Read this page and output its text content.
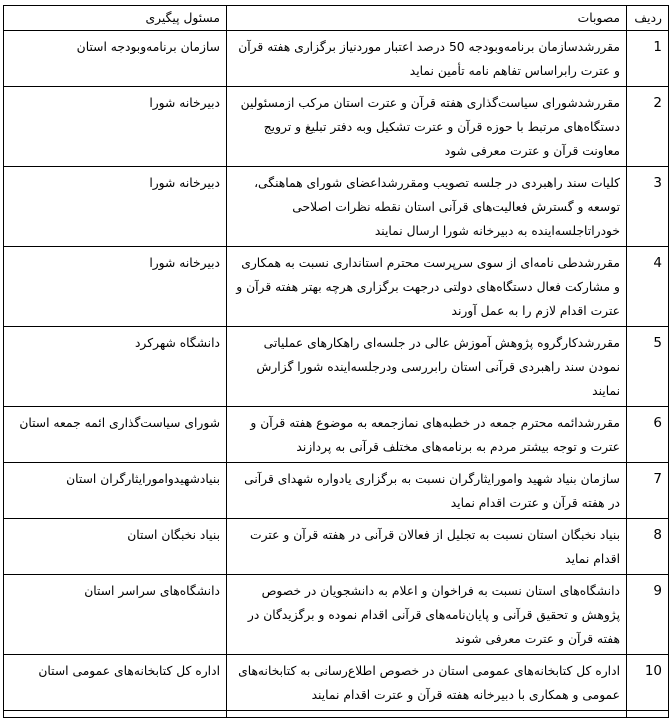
ردیف	مصوبات	مسئول پیگیری
1	مقررشدسازمان برنامه‌وبودجه 50 درصد اعتبار موردنیاز برگزاری هفته قرآن و عترت رابراساس تفاهم نامه تأمین نماید	سازمان برنامه‌وبودجه استان
2	مقررشدشورای سیاست‌گذاری هفته قرآن و عترت استان مرکب ازمسئولین دستگاه‌های مرتبط با حوزه قرآن و عترت تشکیل وبه دفتر تبلیغ و ترویج معاونت قرآن و عترت معرفی شود	دبیرخانه شورا
3	کلیات سند راهبردی در جلسه تصویب ومقررشداعضای شورای هماهنگی، توسعه و گسترش فعالیت‌های قرآنی استان نقطه نظرات اصلاحی خودراتاجلسه‌اینده به دبیرخانه شورا ارسال نمایند	دبیرخانه شورا
4	مقررشدطی نامه‌ای از سوی سرپرست محترم استانداری نسبت به همکاری و مشارکت فعال دستگاه‌های دولتی درجهت برگزاری هرچه بهتر هفته قرآن و عترت اقدام لازم را به عمل آورند	دبیرخانه شورا
5	مقررشدکارگروه پژوهش آموزش عالی در جلسه‌ای راهکارهای عملیاتی نمودن سند راهبردی قرآنی استان رابررسی ودرجلسه‌اینده شورا گزارش نمایند	دانشگاه شهرکرد
6	مقررشدائمه محترم جمعه در خطبه‌های نمازجمعه به موضوع هفته قرآن و عترت و توجه بیشتر مردم به برنامه‌های مختلف قرآنی به پردازند	شورای سیاست‌گذاری ائمه جمعه استان
7	سازمان بنیاد شهید وامورایثارگران نسبت به برگزاری یادواره شهدای قرآنی در هفته قرآن و عترت اقدام نماید	بنیادشهیدوامورایثارگران استان
8	بنیاد نخبگان استان نسبت به تجلیل از فعالان قرآنی در هفته قرآن و عترت اقدام نماید	بنیاد نخبگان استان
9	دانشگاه‌های استان نسبت به فراخوان و اعلام به دانشجویان در خصوص پژوهش و تحقیق قرآنی و پایان‌نامه‌های قرآنی اقدام نموده و برگزیدگان در هفته قرآن و عترت معرفی شوند	دانشگاه‌های سراسر استان
10	اداره کل کتابخانه‌های عمومی استان در خصوص اطلاع‌رسانی به کتابخانه‌های عمومی و همکاری با دبیرخانه هفته قرآن و عترت اقدام نمایند	اداره کل کتابخانه‌های عمومی استان
